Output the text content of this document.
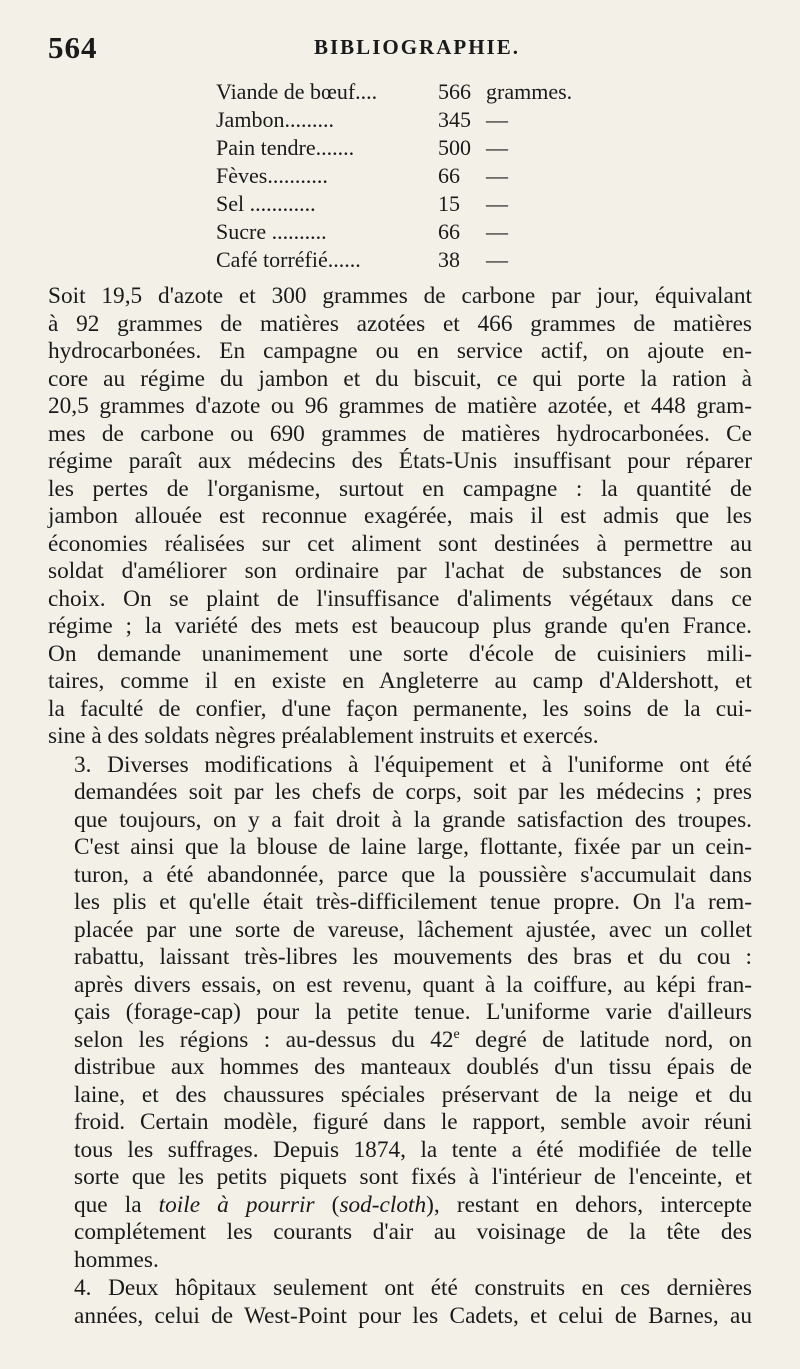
564	BIBLIOGRAPHIE.
Viande de bœuf....	566 grammes.
Jambon.........	345 —
Pain tendre.......	500 —
Fèves...........	66 —
Sel ............	15 —
Sucre ..........	66 —
Café torréfié......	38 —

Soit 19,5 d'azote et 300 grammes de carbone par jour, équivalant
à 92 grammes de matières azotées et 466 grammes de matières
hydrocarbonées. En campagne ou en service actif, on ajoute en-
core au régime du jambon et du biscuit, ce qui porte la ration à
20,5 grammes d'azote ou 96 grammes de matière azotée, et 448 gram-
mes de carbone ou 690 grammes de matières hydrocarbonées. Ce
régime paraît aux médecins des États-Unis insuffisant pour réparer
les pertes de l'organisme, surtout en campagne : la quantité de
jambon allouée est reconnue exagérée, mais il est admis que les
économies réalisées sur cet aliment sont destinées à permettre au
soldat d'améliorer son ordinaire par l'achat de substances de son
choix. On se plaint de l'insuffisance d'aliments végétaux dans ce
régime ; la variété des mets est beaucoup plus grande qu'en France.
On demande unanimement une sorte d'école de cuisiniers mili-
taires, comme il en existe en Angleterre au camp d'Aldershott, et
la faculté de confier, d'une façon permanente, les soins de la cui-
sine à des soldats nègres préalablement instruits et exercés.

3. Diverses modifications à l'équipement et à l'uniforme ont été
demandées soit par les chefs de corps, soit par les médecins ; pres
que toujours, on y a fait droit à la grande satisfaction des troupes.
C'est ainsi que la blouse de laine large, flottante, fixée par un cein-
turon, a été abandonnée, parce que la poussière s'accumulait dans
les plis et qu'elle était très-difficilement tenue propre. On l'a rem-
placée par une sorte de vareuse, lâchement ajustée, avec un collet
rabattu, laissant très-libres les mouvements des bras et du cou :
après divers essais, on est revenu, quant à la coiffure, au képi fran-
çais (forage-cap) pour la petite tenue. L'uniforme varie d'ailleurs
selon les régions : au-dessus du 42e degré de latitude nord, on
distribue aux hommes des manteaux doublés d'un tissu épais de
laine, et des chaussures spéciales préservant de la neige et du
froid. Certain modèle, figuré dans le rapport, semble avoir réuni
tous les suffrages. Depuis 1874, la tente a été modifiée de telle
sorte que les petits piquets sont fixés à l'intérieur de l'enceinte, et
que la toile à pourrir (sod-cloth), restant en dehors, intercepte
complétement les courants d'air au voisinage de la tête des
hommes.

4. Deux hôpitaux seulement ont été construits en ces dernières
années, celui de West-Point pour les Cadets, et celui de Barnes, au
